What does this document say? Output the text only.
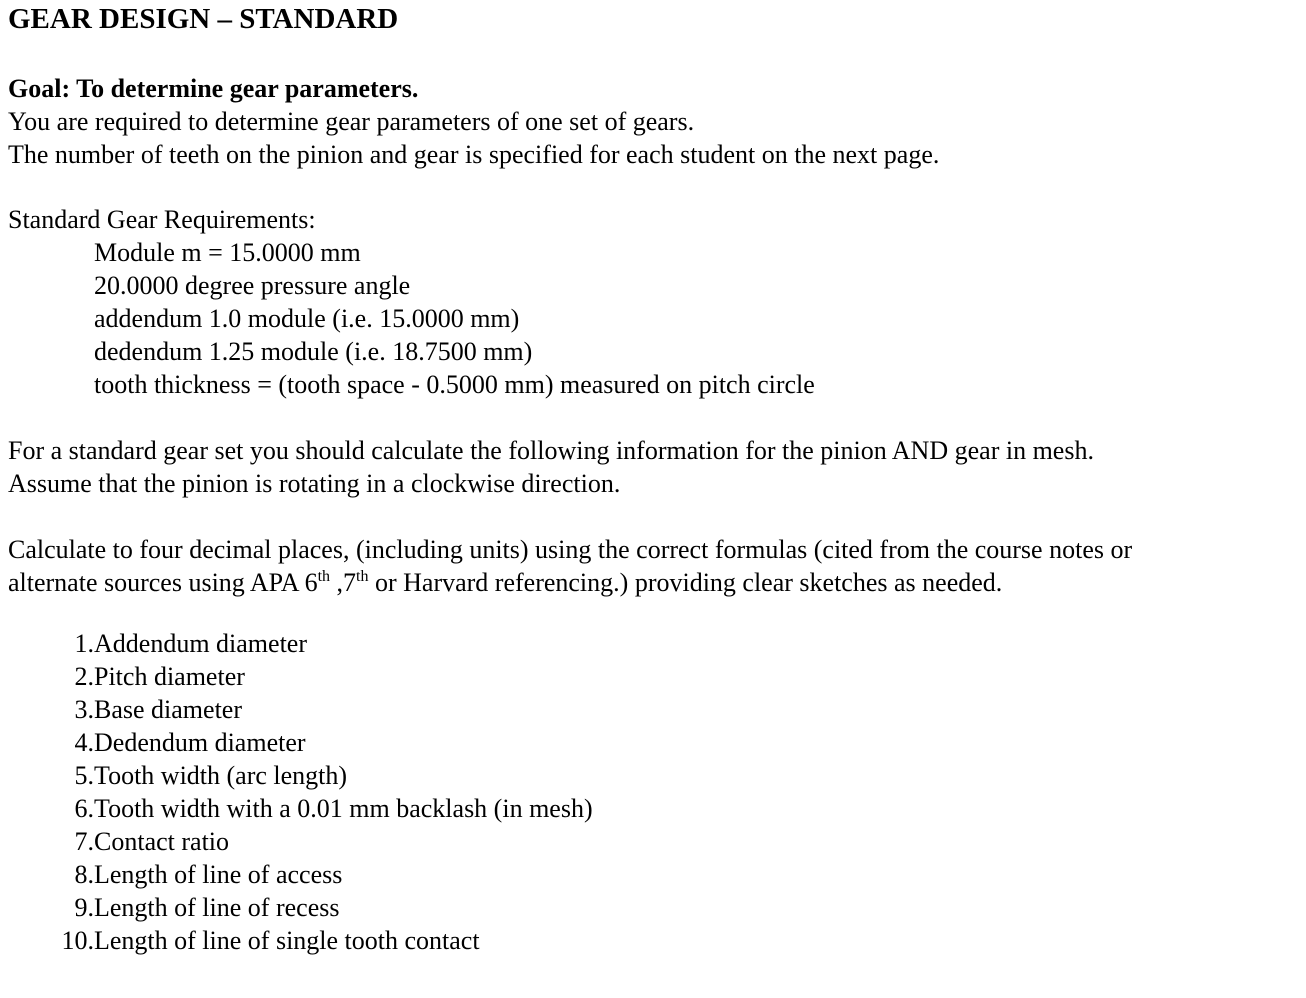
GEAR DESIGN – STANDARD

Goal: To determine gear parameters.

You are required to determine gear parameters of one set of gears.

The number of teeth on the pinion and gear is specified for each student on the next page.

Standard Gear Requirements:

Module m = 15.0000 mm

20.0000 degree pressure angle

addendum 1.0 module (i.e. 15.0000 mm)

dedendum 1.25 module (i.e. 18.7500 mm)

tooth thickness = (tooth space - 0.5000 mm) measured on pitch circle

For a standard gear set you should calculate the following information for the pinion AND gear in mesh.

Assume that the pinion is rotating in a clockwise direction.

Calculate to four decimal places, (including units) using the correct formulas (cited from the course notes or

alternate sources using APA 6th ,7th or Harvard referencing.) providing clear sketches as needed.

1. Addendum diameter
2. Pitch diameter
3. Base diameter
4. Dedendum diameter
5. Tooth width (arc length)
6. Tooth width with a 0.01 mm backlash (in mesh)
7. Contact ratio
8. Length of line of access
9. Length of line of recess
10. Length of line of single tooth contact
